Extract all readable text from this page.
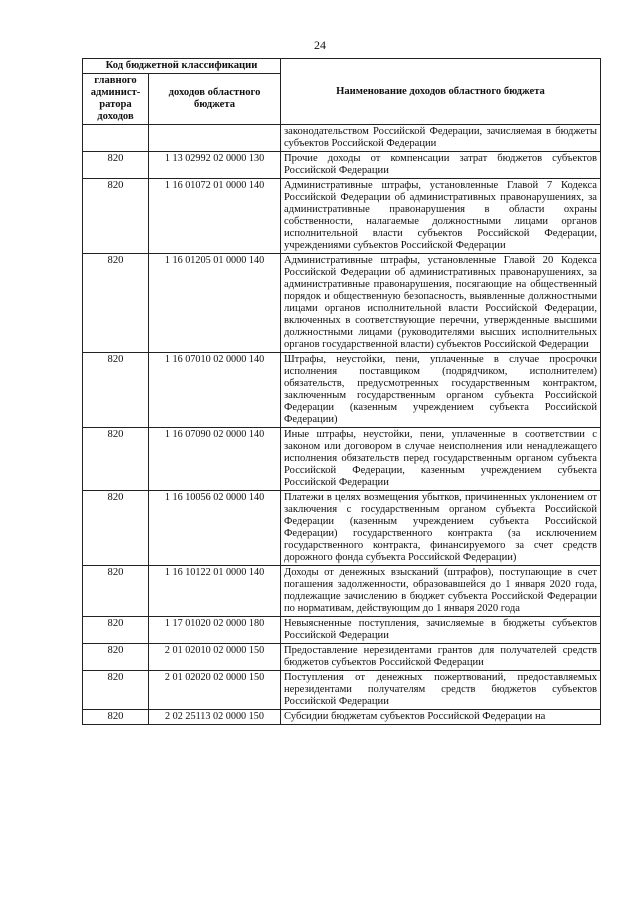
24
Код бюджетной классификации		Наименование доходов областного бюджета
главного админист-ратора доходов	доходов областного бюджета	
		законодательством Российской Федерации, зачисляемая в бюджеты субъектов Российской Федерации
820	1 13 02992 02 0000 130	Прочие доходы от компенсации затрат бюджетов субъектов Российской Федерации
820	1 16 01072 01 0000 140	Административные штрафы, установленные Главой 7 Кодекса Российской Федерации об административных правонарушениях, за административные правонарушения в области охраны собственности, налагаемые должностными лицами органов исполнительной власти субъектов Российской Федерации, учреждениями субъектов Российской Федерации
820	1 16 01205 01 0000 140	Административные штрафы, установленные Главой 20 Кодекса Российской Федерации об административных правонарушениях, за административные правонарушения, посягающие на общественный порядок и общественную безопасность, выявленные должностными лицами органов исполнительной власти Российской Федерации, включенных в соответствующие перечни, утвержденные высшими должностными лицами (руководителями высших исполнительных органов государственной власти) субъектов Российской Федерации
820	1 16 07010 02 0000 140	Штрафы, неустойки, пени, уплаченные в случае просрочки исполнения поставщиком (подрядчиком, исполнителем) обязательств, предусмотренных государственным контрактом, заключенным государственным органом субъекта Российской Федерации (казенным учреждением субъекта Российской Федерации)
820	1 16 07090 02 0000 140	Иные штрафы, неустойки, пени, уплаченные в соответствии с законом или договором в случае неисполнения или ненадлежащего исполнения обязательств перед государственным органом субъекта Российской Федерации, казенным учреждением субъекта Российской Федерации
820	1 16 10056 02 0000 140	Платежи в целях возмещения убытков, причиненных уклонением от заключения с государственным органом субъекта Российской Федерации (казенным учреждением субъекта Российской Федерации) государственного контракта (за исключением государственного контракта, финансируемого за счет средств дорожного фонда субъекта Российской Федерации)
820	1 16 10122 01 0000 140	Доходы от денежных взысканий (штрафов), поступающие в счет погашения задолженности, образовавшейся до 1 января 2020 года, подлежащие зачислению в бюджет субъекта Российской Федерации по нормативам, действующим до 1 января 2020 года
820	1 17 01020 02 0000 180	Невыясненные поступления, зачисляемые в бюджеты субъектов Российской Федерации
820	2 01 02010 02 0000 150	Предоставление нерезидентами грантов для получателей средств бюджетов субъектов Российской Федерации
820	2 01 02020 02 0000 150	Поступления от денежных пожертвований, предоставляемых нерезидентами получателям средств бюджетов субъектов Российской Федерации
820	2 02 25113 02 0000 150	Субсидии бюджетам субъектов Российской Федерации на
